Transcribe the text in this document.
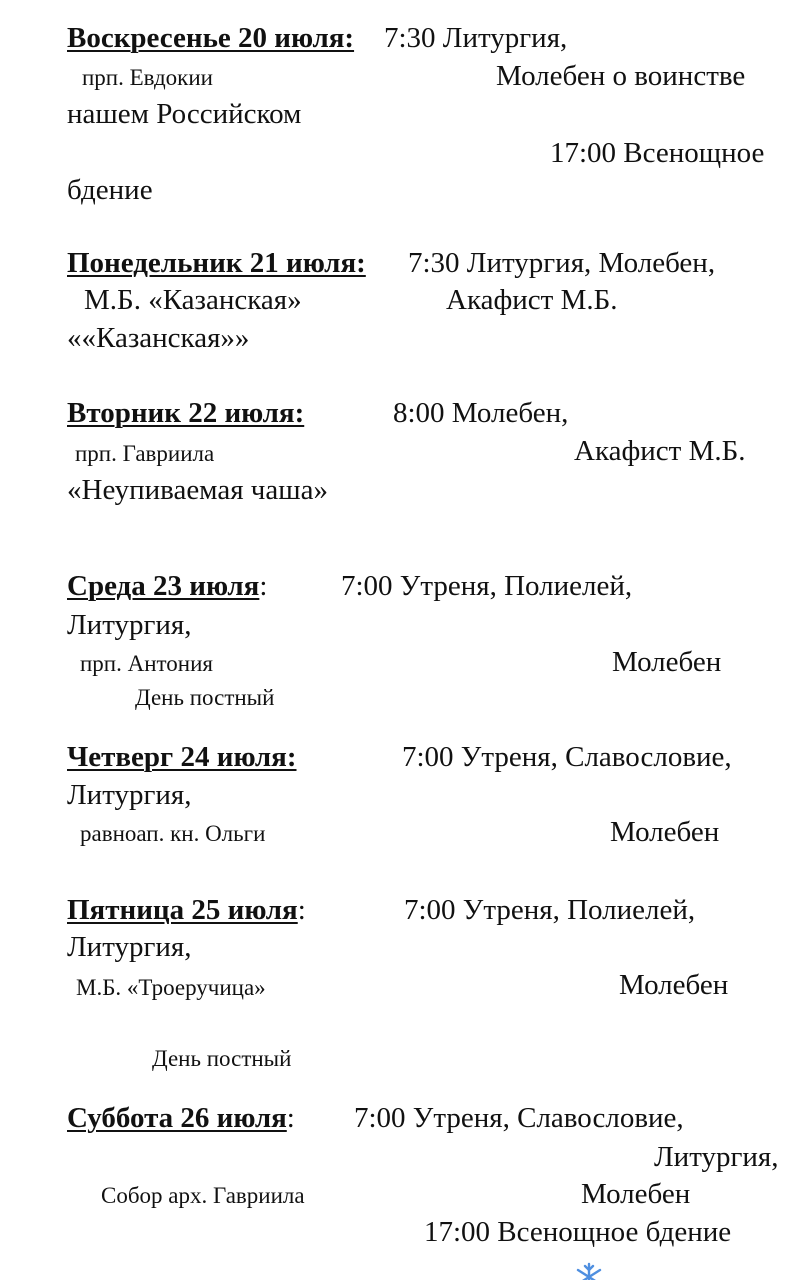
Воскресенье 20 июля: 7:30 Литургия,
прп. Евдокии	Молебен о воинстве
нашем Российском
17:00 Всенощное
бдение
Понедельник 21 июля: 7:30 Литургия, Молебен,
М.Б. «Казанская»	Акафист М.Б.
««Казанская»»
Вторник 22 июля:	8:00 Молебен,
прп. Гавриила	Акафист М.Б.
«Неупиваемая чаша»
Среда 23 июля:	7:00 Утреня, Полиелей,
Литургия,
прп. Антония	Молебен
День постный
Четверг 24 июля:	7:00 Утреня, Славословие,
Литургия,
равноап. кн. Ольги	Молебен
Пятница 25 июля:	7:00 Утреня, Полиелей,
Литургия,
М.Б. «Троеручица»	Молебен
День постный
Суббота 26 июля: 7:00 Утреня, Славословие,
Литургия,
Собор арх. Гавриила	Молебен
17:00 Всенощное бдение
